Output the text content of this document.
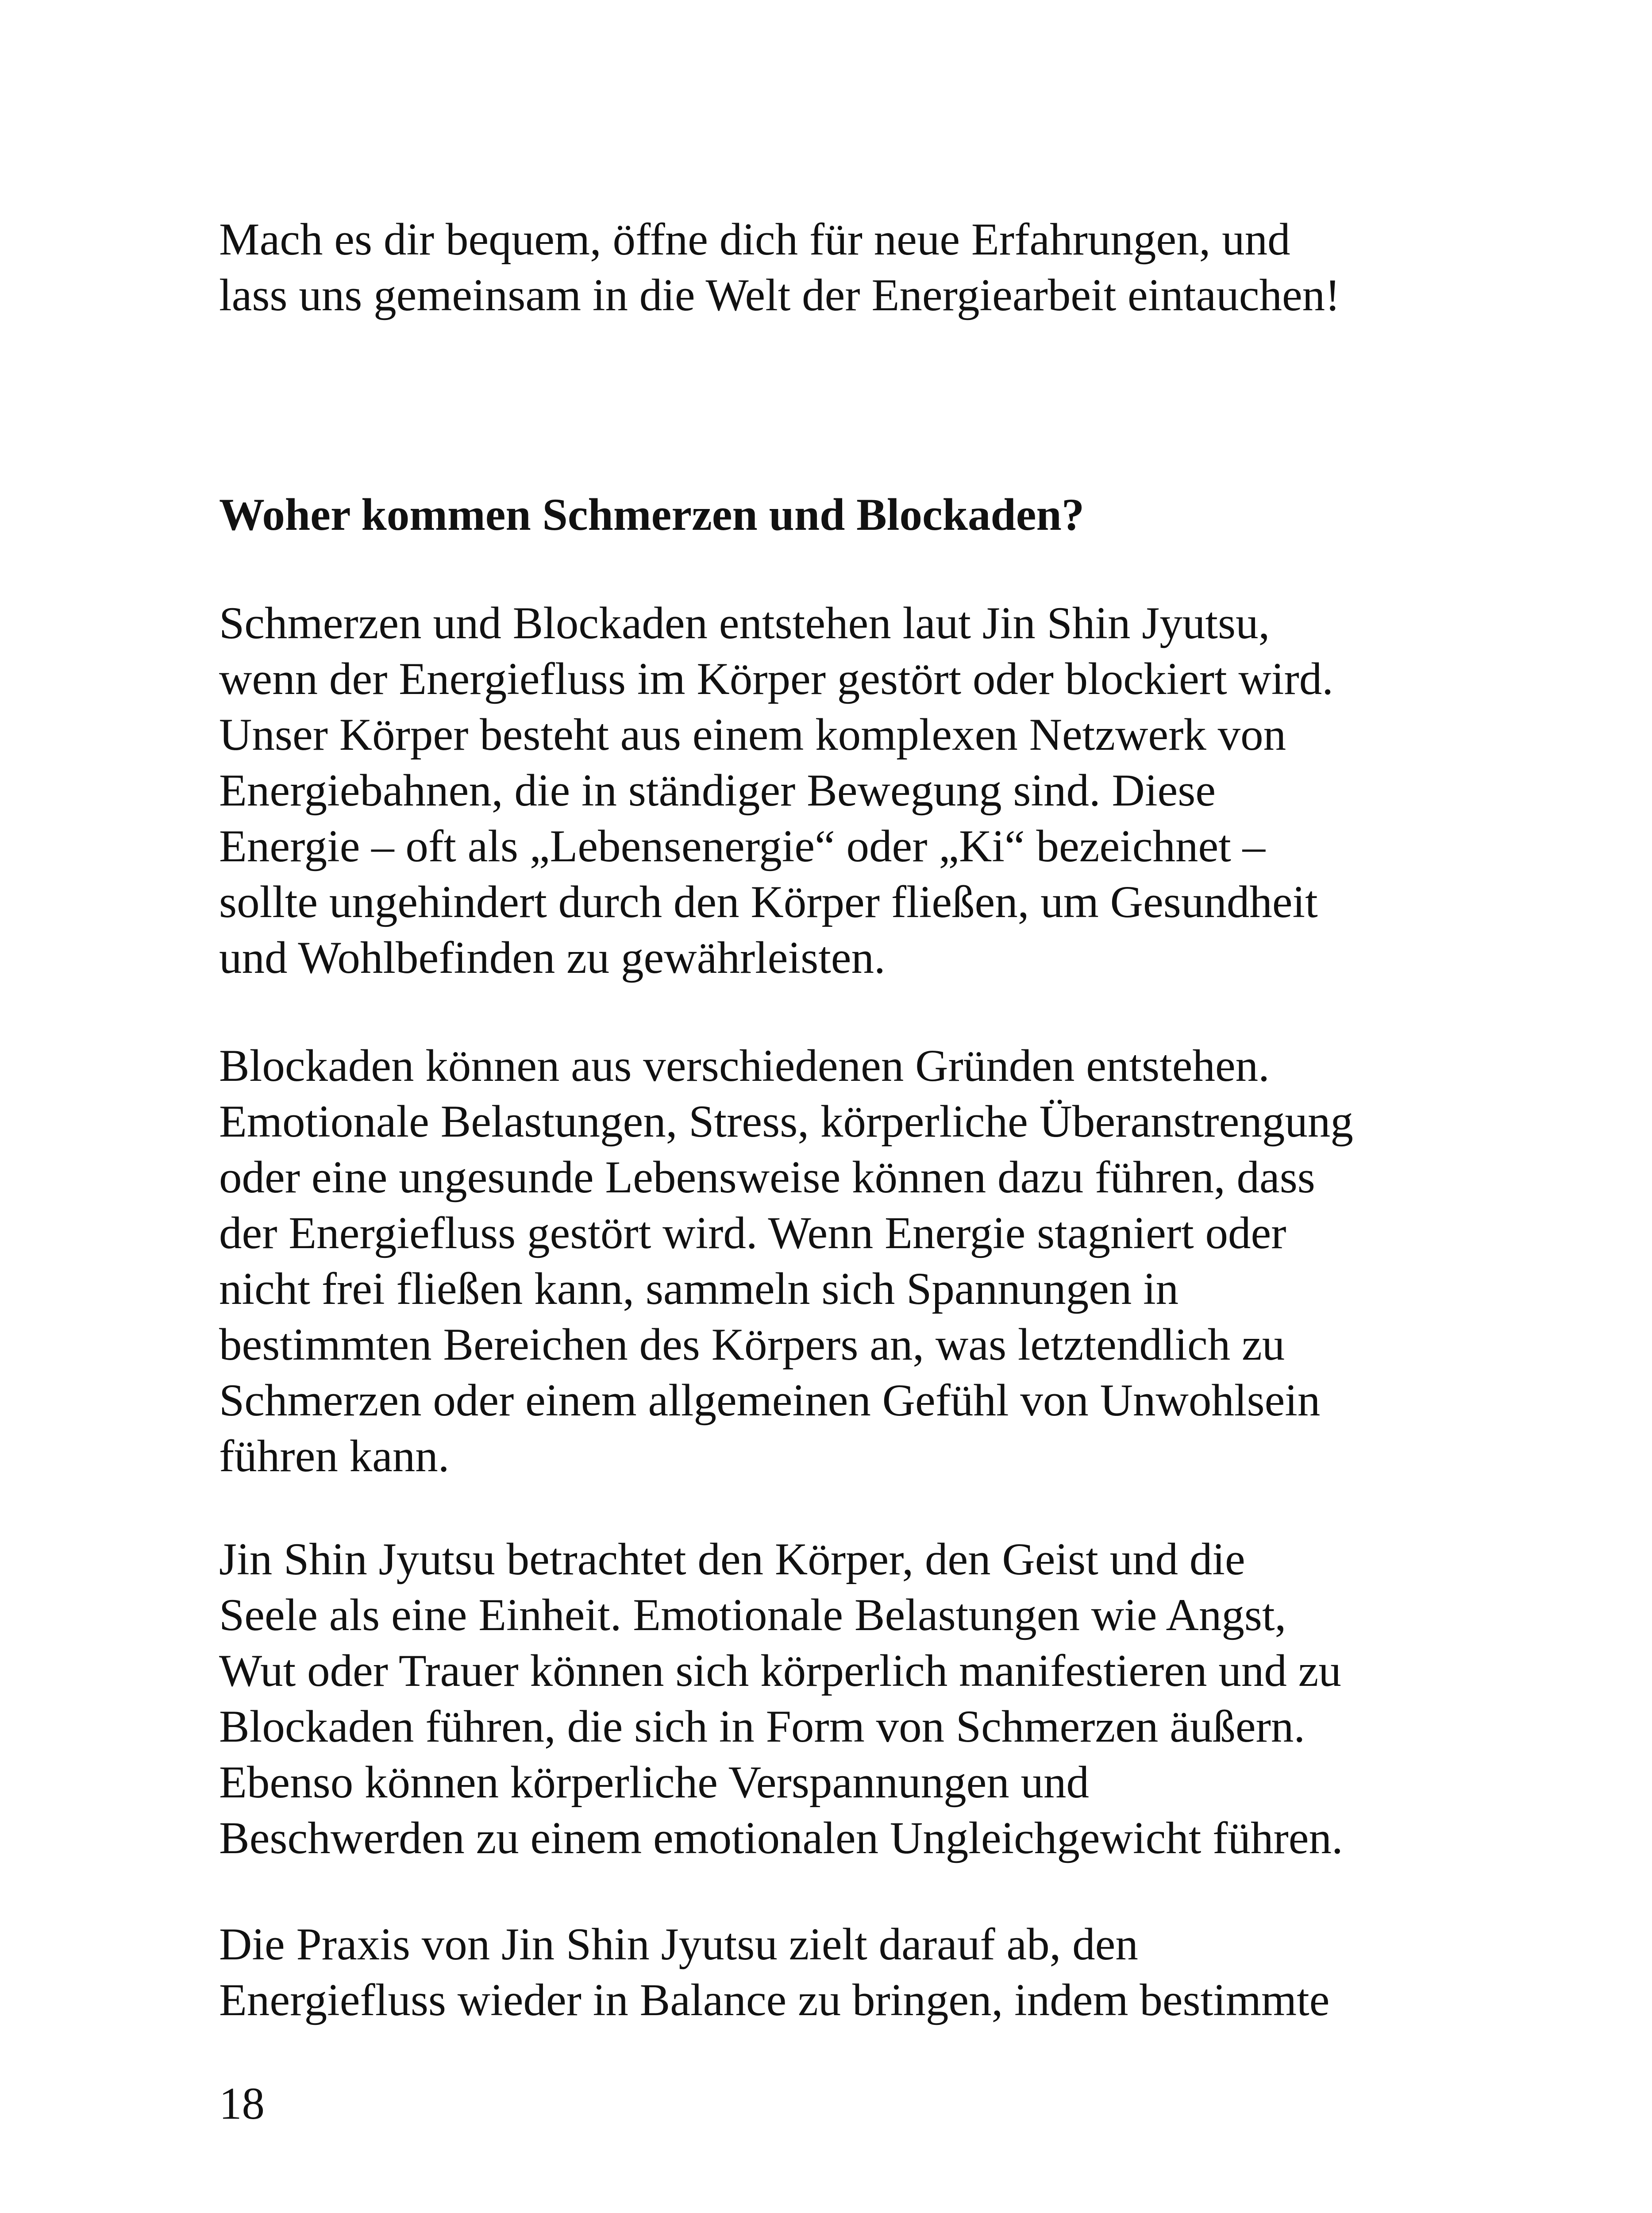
Mach es dir bequem, öffne dich für neue Erfahrungen, und
lass uns gemeinsam in die Welt der Energiearbeit eintauchen!

Woher kommen Schmerzen und Blockaden?

Schmerzen und Blockaden entstehen laut Jin Shin Jyutsu,
wenn der Energiefluss im Körper gestört oder blockiert wird.
Unser Körper besteht aus einem komplexen Netzwerk von
Energiebahnen, die in ständiger Bewegung sind. Diese
Energie – oft als „Lebensenergie“ oder „Ki“ bezeichnet –
sollte ungehindert durch den Körper fließen, um Gesundheit
und Wohlbefinden zu gewährleisten.

Blockaden können aus verschiedenen Gründen entstehen.
Emotionale Belastungen, Stress, körperliche Überanstrengung
oder eine ungesunde Lebensweise können dazu führen, dass
der Energiefluss gestört wird. Wenn Energie stagniert oder
nicht frei fließen kann, sammeln sich Spannungen in
bestimmten Bereichen des Körpers an, was letztendlich zu
Schmerzen oder einem allgemeinen Gefühl von Unwohlsein
führen kann.

Jin Shin Jyutsu betrachtet den Körper, den Geist und die
Seele als eine Einheit. Emotionale Belastungen wie Angst,
Wut oder Trauer können sich körperlich manifestieren und zu
Blockaden führen, die sich in Form von Schmerzen äußern.
Ebenso können körperliche Verspannungen und
Beschwerden zu einem emotionalen Ungleichgewicht führen.

Die Praxis von Jin Shin Jyutsu zielt darauf ab, den
Energiefluss wieder in Balance zu bringen, indem bestimmte

18
